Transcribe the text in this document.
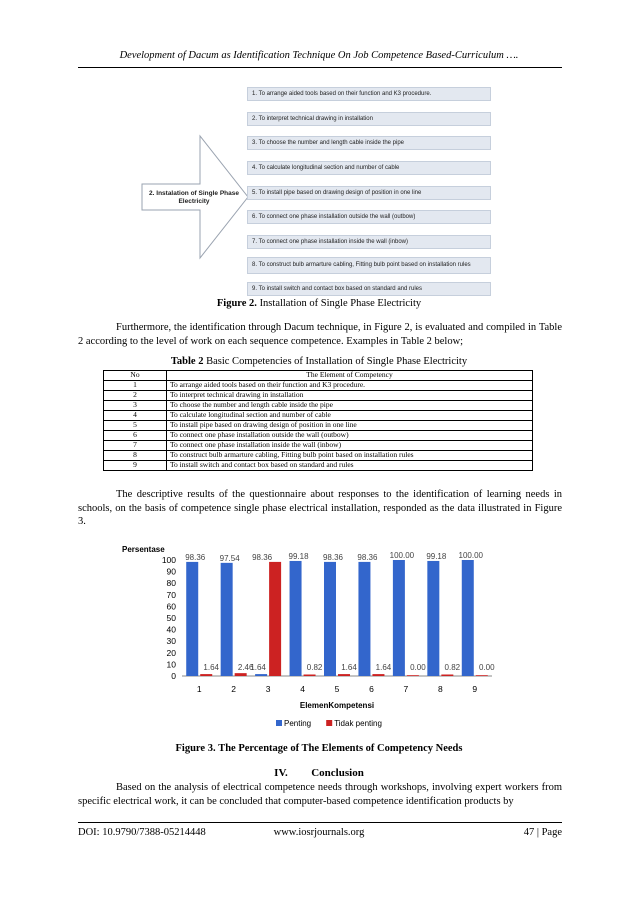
Development of Dacum as Identification Technique On Job Competence Based-Curriculum ….
2. Instalation of Single Phase Electricity
1. To arrange aided tools based on their function and K3 procedure.
2. To interpret technical drawing in installation
3. To choose the number and length cable inside the pipe
4. To calculate longitudinal section and number of cable
5. To install pipe based on drawing design of position in one line
6. To connect one phase installation outside the wall (outbow)
7. To connect one phase installation inside the wall (inbow)
8. To construct bulb armarture cabling, Fitting bulb point based on installation rules
9. To install switch and contact box based on standard and rules
Figure 2. Installation of Single Phase Electricity
Furthermore, the identification through Dacum technique, in Figure 2, is evaluated and compiled in Table 2 according to the level of work on each sequence competence. Examples in Table 2 below;
Table 2 Basic Competencies of Installation of Single Phase Electricity
No	The Element of Competency
1	To arrange aided tools based on their function and K3 procedure.
2	To interpret technical drawing in installation
3	To choose the number and length cable inside the pipe
4	To calculate longitudinal section and number of cable
5	To install pipe based on drawing design of position in one line
6	To connect one phase installation outside the wall (outbow)
7	To connect one phase installation inside the wall (inbow)
8	To construct bulb armarture cabling, Fitting bulb point based on installation rules
9	To install switch and contact box based on standard and rules
The descriptive results of the questionnaire about responses to the identification of learning needs in schools, on the basis of competence single phase electrical installation, responded as the data illustrated in Figure 3.
Persentase
0
10
20
30
40
50
60
70
80
90
100
1
98.36
1.64
2
97.54
2.46
3
1.64
98.36
4
99.18
0.82
5
98.36
1.64
6
98.36
1.64
7
100.00
0.00
8
99.18
0.82
9
100.00
0.00
ElemenKompetensi
Penting	Tidak penting
Figure 3. The Percentage of The Elements of Competency Needs
IV. Conclusion
Based on the analysis of electrical competence needs through workshops, involving expert workers from specific electrical work, it can be concluded that computer-based competence identification products by
DOI: 10.9790/7388-05214448	www.iosrjournals.org	47 | Page
